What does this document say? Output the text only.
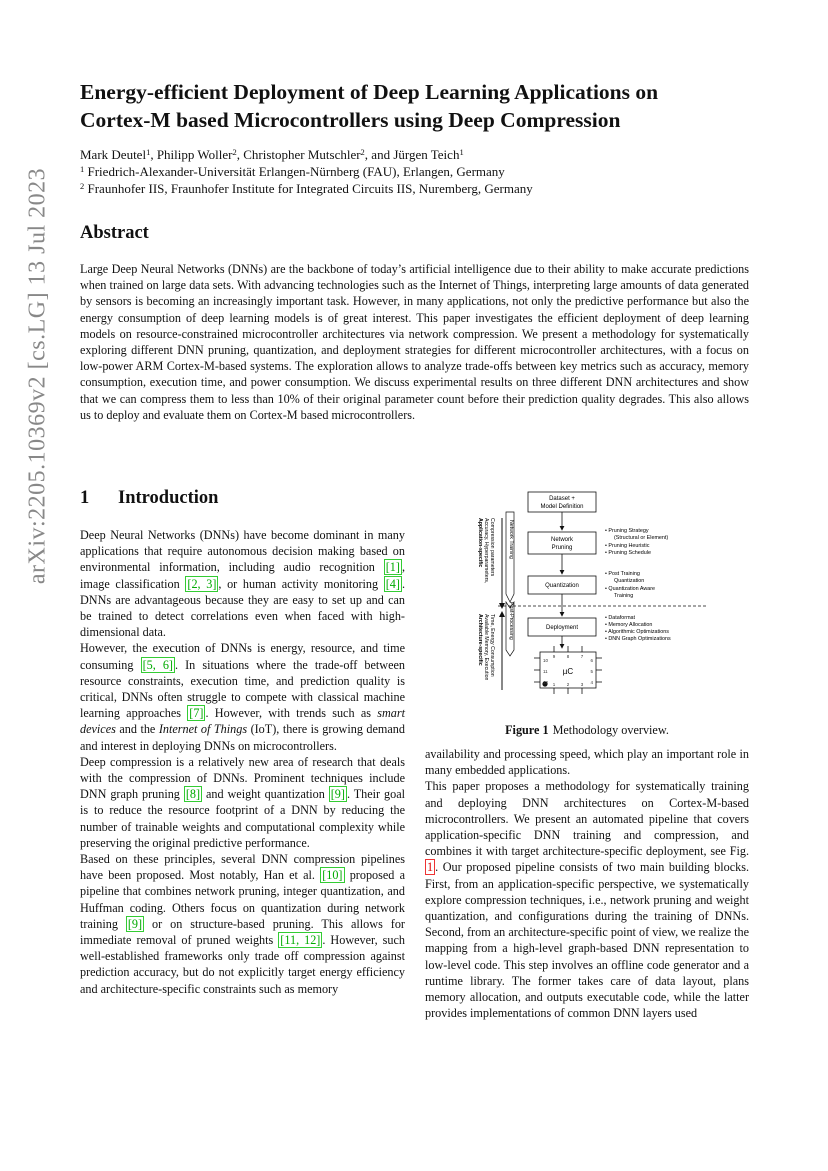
arXiv:2205.10369v2 [cs.LG] 13 Jul 2023
Energy-efficient Deployment of Deep Learning Applications on
Cortex-M based Microcontrollers using Deep Compression
Mark Deutel$^1$, Philipp Woller$^2$, Christopher Mutschler$^2$, and Jürgen Teich$^1$
$^1$ Friedrich-Alexander-Universität Erlangen-Nürnberg (FAU), Erlangen, Germany
$^2$ Fraunhofer IIS, Fraunhofer Institute for Integrated Circuits IIS, Nuremberg, Germany
Abstract

Large Deep Neural Networks (DNNs) are the backbone of today’s artificial intelligence due to their ability to make accurate predictions when trained on large data sets. With advancing technologies such as the Internet of Things, interpreting large amounts of data generated by sensors is becoming an increasingly important task. However, in many applications, not only the predictive performance but also the energy consumption of deep learning models is of great interest. This paper investigates the efficient deployment of deep learning models on resource-constrained microcontroller architectures via network compression. We present a methodology for systematically exploring different DNN pruning, quantization, and deployment strategies for different microcontroller architectures, with a focus on low-power ARM Cortex-M-based systems. The exploration allows to analyze trade-offs between key metrics such as accuracy, memory consumption, execution time, and power consumption. We discuss experimental results on three different DNN architectures and show that we can compress them to less than 10% of their original parameter count before their prediction quality degrades. This also allows us to deploy and evaluate them on Cortex-M based microcontrollers.

1 Introduction

Deep Neural Networks (DNNs) have become dominant in many applications that require autonomous decision making based on environmental information, including audio recognition [1] , image classification [2, 3] , or human activity monitoring [4] . DNNs are advantageous because they are easy to set up and can be trained to detect correlations even when faced with high-dimensional data.

However, the execution of DNNs is energy, resource, and time consuming [5, 6] . In situations where the trade-off between resource constraints, execution time, and prediction quality is critical, DNNs often struggle to compete with classical machine learning approaches [7] . However, with trends such as smart devices and the Internet of Things (IoT), there is growing demand and interest in deploying DNNs on microcontrollers.

Deep compression is a relatively new area of research that deals with the compression of DNNs. Prominent techniques include DNN graph pruning [8] and weight quantization [9] . Their goal is to reduce the resource footprint of a DNN by reducing the number of trainable weights and computational complexity while preserving the original predictive performance.

Based on these principles, several DNN compression pipelines have been proposed. Most notably, Han et al. [10] proposed a pipeline that combines network pruning, integer quantization, and Huffman coding. Others focus on quantization during network training [9] or on structure-based pruning. This allows for immediate removal of pruned weights [11, 12] . However, such well-established frameworks only trade off compression against prediction accuracy, but do not explicitly target energy efficiency and architecture-specific constraints such as memory

Network Training
Post-Processing
Application-specific Accuracy, Hyperparameters, Compression parameters
Architecture-specific Available Memory, Execution Time, Energy Consumption
Dataset +
Model Definition
Network
Pruning
Quantization
Deployment
µC
9	8	7
10
11
12
6
5
4
1	2	3
• Pruning Strategy
(Structural or Element)
• Pruning Heuristic
• Pruning Schedule
• Post Training
Quantization
• Quantization Aware
Training
• Dataformat
• Memory Allocation
• Algorithmic Optimizations
• DNN Graph Optimizations
Figure 1 Methodology overview.

availability and processing speed, which play an important role in many embedded applications.

This paper proposes a methodology for systematically training and deploying DNN architectures on Cortex-M-based microcontrollers. We present an automated pipeline that covers application-specific DNN training and compression, and combines it with target architecture-specific deployment, see Fig. 1 . Our proposed pipeline consists of two main building blocks. First, from an application-specific perspective, we systematically explore compression techniques, i.e., network pruning and weight quantization, and configurations during the training of DNNs. Second, from an architecture-specific point of view, we realize the mapping from a high-level graph-based DNN representation to low-level code. This step involves an offline code generator and a runtime library. The former takes care of data layout, plans memory allocation, and outputs executable code, while the latter provides implementations of common DNN layers used
